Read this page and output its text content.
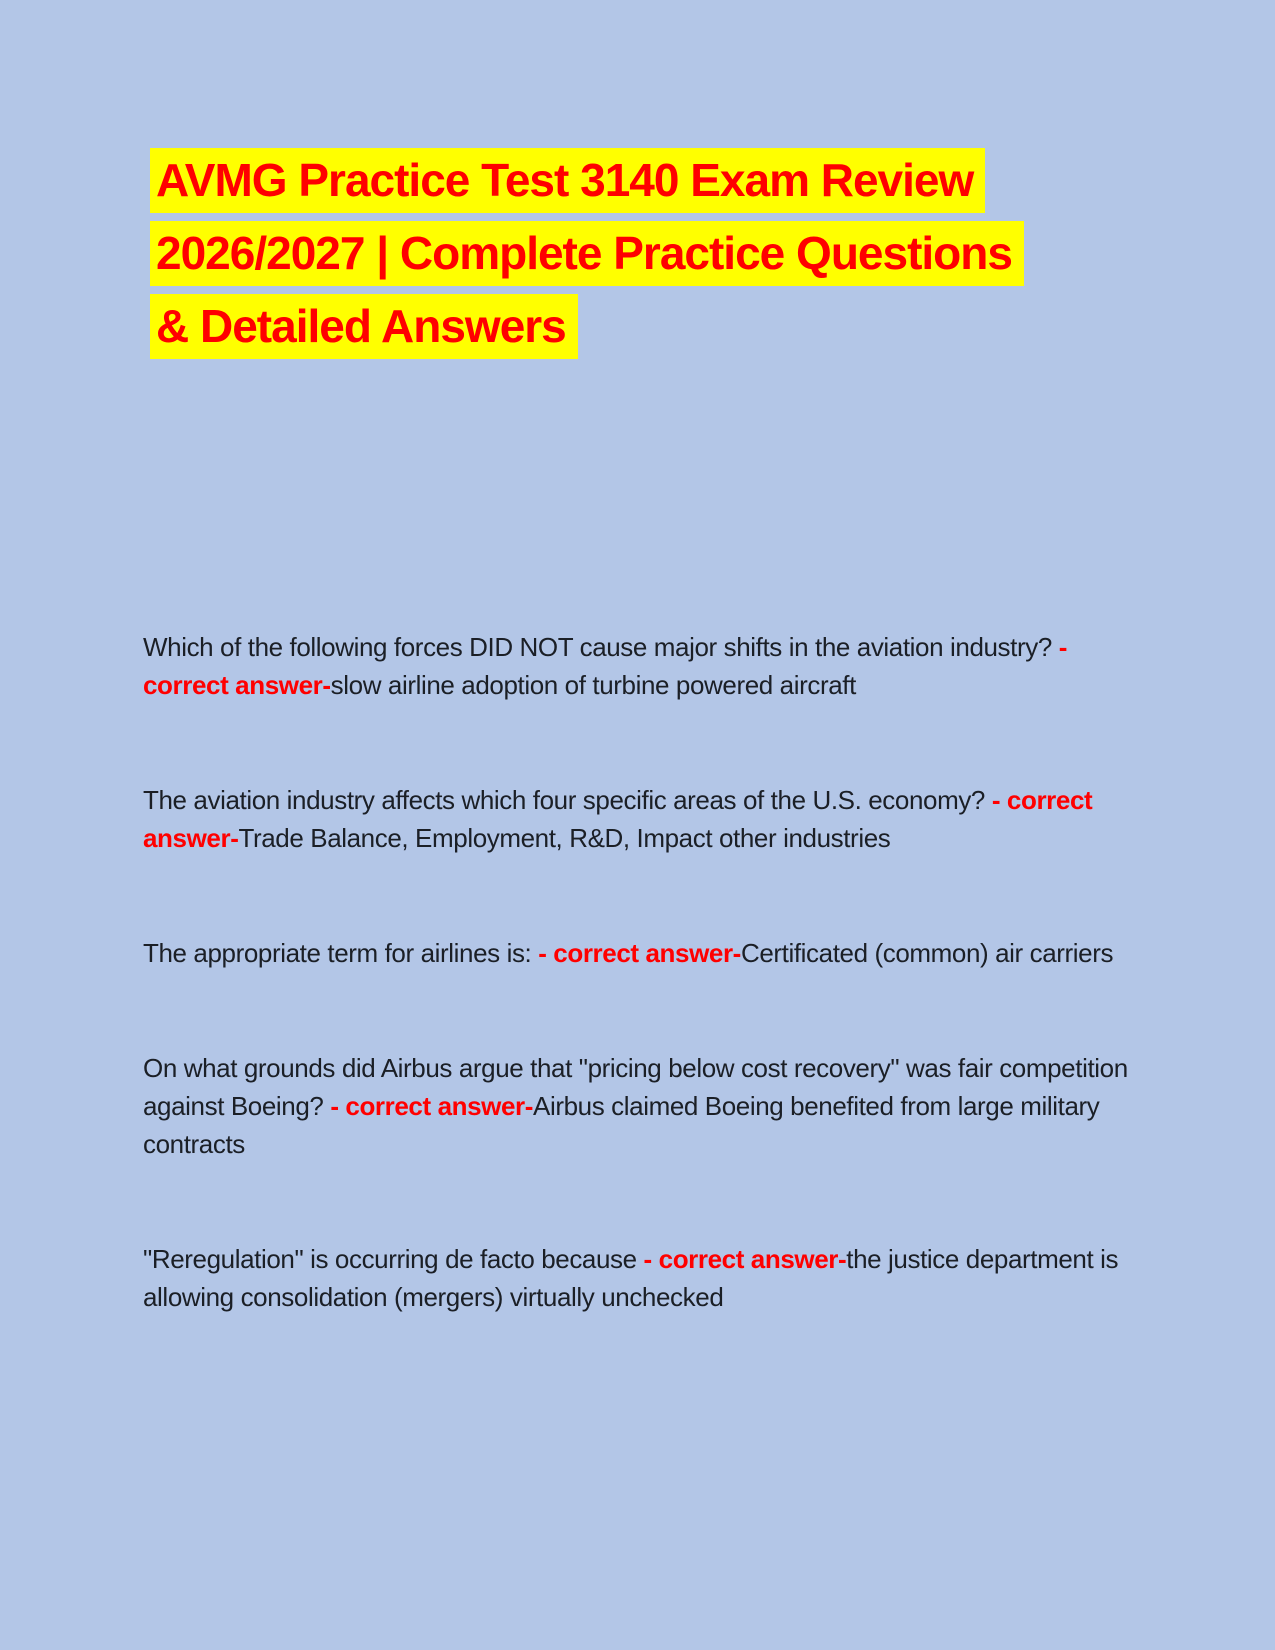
AVMG Practice Test 3140 Exam Review
2026/2027 | Complete Practice Questions
& Detailed Answers
Which of the following forces DID NOT cause major shifts in the aviation industry? - correct answer-slow airline adoption of turbine powered aircraft
The aviation industry affects which four specific areas of the U.S. economy? - correct answer-Trade Balance, Employment, R&D, Impact other industries
The appropriate term for airlines is: - correct answer-Certificated (common) air carriers
On what grounds did Airbus argue that "pricing below cost recovery" was fair competition against Boeing? - correct answer-Airbus claimed Boeing benefited from large military contracts
"Reregulation" is occurring de facto because - correct answer-the justice department is allowing consolidation (mergers) virtually unchecked
